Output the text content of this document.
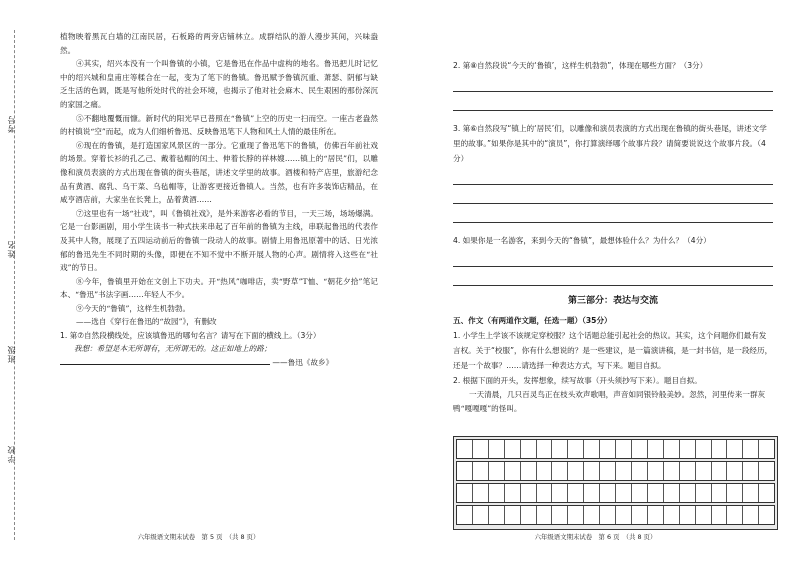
考号
姓名
班级
学校

植物映着黑瓦白墙的江南民居，石板路的两旁店铺林立。成群结队的游人漫步其间，兴味盎然。

④其实，绍兴本没有一个叫鲁镇的小镇，它是鲁迅在作品中虚构的地名。鲁迅把儿时记忆中的绍兴城和皇甫庄等糅合在一起，变为了笔下的鲁镇。鲁迅赋予鲁镇沉重、萧瑟、阴郁与缺乏生活的色调，既是写他所处时代的社会环境，也揭示了他对社会麻木、民生艰困的那份深沉的家国之痛。

⑤不翻地覆慨而慷。新时代的阳光早已普照在“鲁镇”上空的历史一扫而空。一座古老盎然的村镇说“空”而起，成为人们细析鲁迅、反映鲁迅笔下人物和风土人情的最佳所在。

⑥现在的鲁镇，是打造国家风景区的一部分。它重现了鲁迅笔下的鲁镇，仿佛百年前社戏的场景。穿着长衫的孔乙己、戴着毡帽的闰土、伸着长脖的祥林嫂……镇上的“居民”们，以雕像和演员表演的方式出现在鲁镇的街头巷尾，讲述文学里的故事。酒楼和特产店里，旅游纪念品有黄酒、腐乳、乌干菜、乌毡帽等，让游客更接近鲁镇人。当然，也有许多装饰店精品，在咸亨酒店前，大家坐在长凳上，品着黄酒……

⑦这里也有一场“社戏”，叫《鲁镇社戏》，是外来游客必看的节目，一天三场，场场爆满。它是一台影画剧，用小学生读书一种式扶来串起了百年前的鲁镇为主线，串联起鲁迅的代表作及其中人物，展现了五四运动前后的鲁镇一段动人的故事。剧情上用鲁迅原著中的话、日光浓郁的鲁迅先生不同时期的头像，即便在不知不觉中不断开展人物的心声。剧情将入这些在“社戏”的节日。

⑧今年，鲁镇里开始在文创上下功夫。开“热风”咖啡店，卖“野草”T恤、“朝花夕拾”笔记本、“鲁迅”书法字画……年轻人不少。

⑨今天的“鲁镇”，这样生机勃勃。

——选自《穿行在鲁迅的“故园”》，有删改

1. 第⑦自然段横线处，应该填鲁迅的哪句名言？请写在下面的横线上。（3分）

我想：希望是本无所谓有，无所谓无的。这正如地上的路；

——鲁迅《故乡》

六年级语文期末试卷　第 5 页　（共 8 页）

2. 第⑧自然段说“今天的‘鲁镇’，这样生机勃勃”，体现在哪些方面？（3分）

3. 第⑥自然段写“镇上的‘居民’们，以雕像和演员表演的方式出现在鲁镇的街头巷尾，讲述文学里的故事。”如果你是其中的“演员”，你打算演绎哪个故事片段？请简要说说这个故事片段。（4分）

4. 如果你是一名游客，来到今天的“鲁镇”，最想体验什么？为什么？（4分）

第三部分：表达与交流

五、作文（有两道作文题，任选一题）（35分）

1. 小学生上学该不该规定穿校服？这个话题总能引起社会的热议。其实，这个问题你们最有发言权。关于“校服”，你有什么想说的？是一些建议，是一篇演讲稿，是一封书信，是一段经历，还是一个故事？……请选择一种表达方式，写下来。题目自拟。

2. 根据下面的开头，发挥想象，续写故事（开头须抄写下来）。题目自拟。

一天清晨，几只百灵鸟正在枝头欢声歌唱，声音如同银铃般美妙。忽然，河里传来一群灰鸭“嘎嘎嘎”的怪叫。

六年级语文期末试卷　第 6 页　（共 8 页）
